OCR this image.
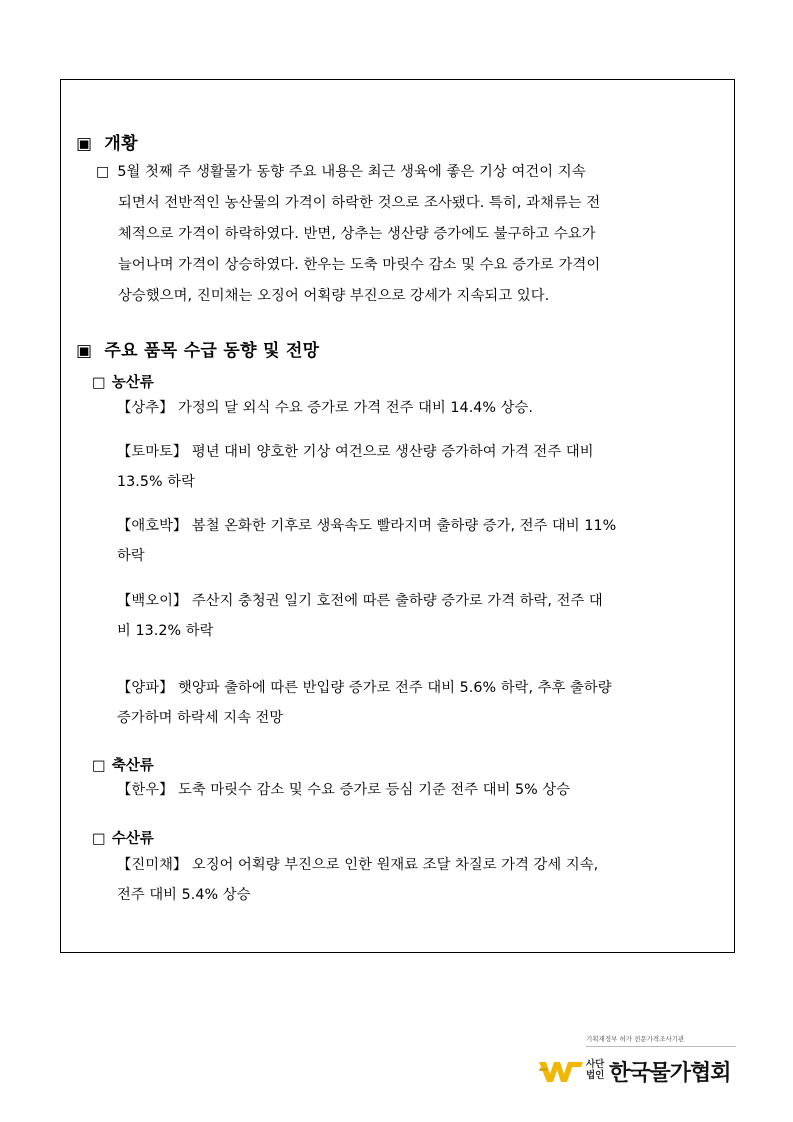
▣ 개황
□ 5월 첫째 주 생활물가 동향 주요 내용은 최근 생육에 좋은 기상 여건이 지속
되면서 전반적인 농산물의 가격이 하락한 것으로 조사됐다. 특히, 과채류는 전
체적으로 가격이 하락하였다. 반면, 상추는 생산량 증가에도 불구하고 수요가
늘어나며 가격이 상승하였다. 한우는 도축 마릿수 감소 및 수요 증가로 가격이
상승했으며, 진미채는 오징어 어획량 부진으로 강세가 지속되고 있다.
▣ 주요 품목 수급 동향 및 전망
□ 농산류
【상추】 가정의 달 외식 수요 증가로 가격 전주 대비 14.4% 상승.
【토마토】 평년 대비 양호한 기상 여건으로 생산량 증가하여 가격 전주 대비
13.5% 하락
【애호박】 봄철 온화한 기후로 생육속도 빨라지며 출하량 증가, 전주 대비 11%
하락
【백오이】 주산지 충청권 일기 호전에 따른 출하량 증가로 가격 하락, 전주 대
비 13.2% 하락
【양파】 햇양파 출하에 따른 반입량 증가로 전주 대비 5.6% 하락, 추후 출하량
증가하며 하락세 지속 전망
□ 축산류
【한우】 도축 마릿수 감소 및 수요 증가로 등심 기준 전주 대비 5% 상승
□ 수산류
【진미채】 오징어 어획량 부진으로 인한 원재료 조달 차질로 가격 강세 지속,
전주 대비 5.4% 상승
기획재정부 허가 전문가격조사기관
사단 법인 한국물가협회
